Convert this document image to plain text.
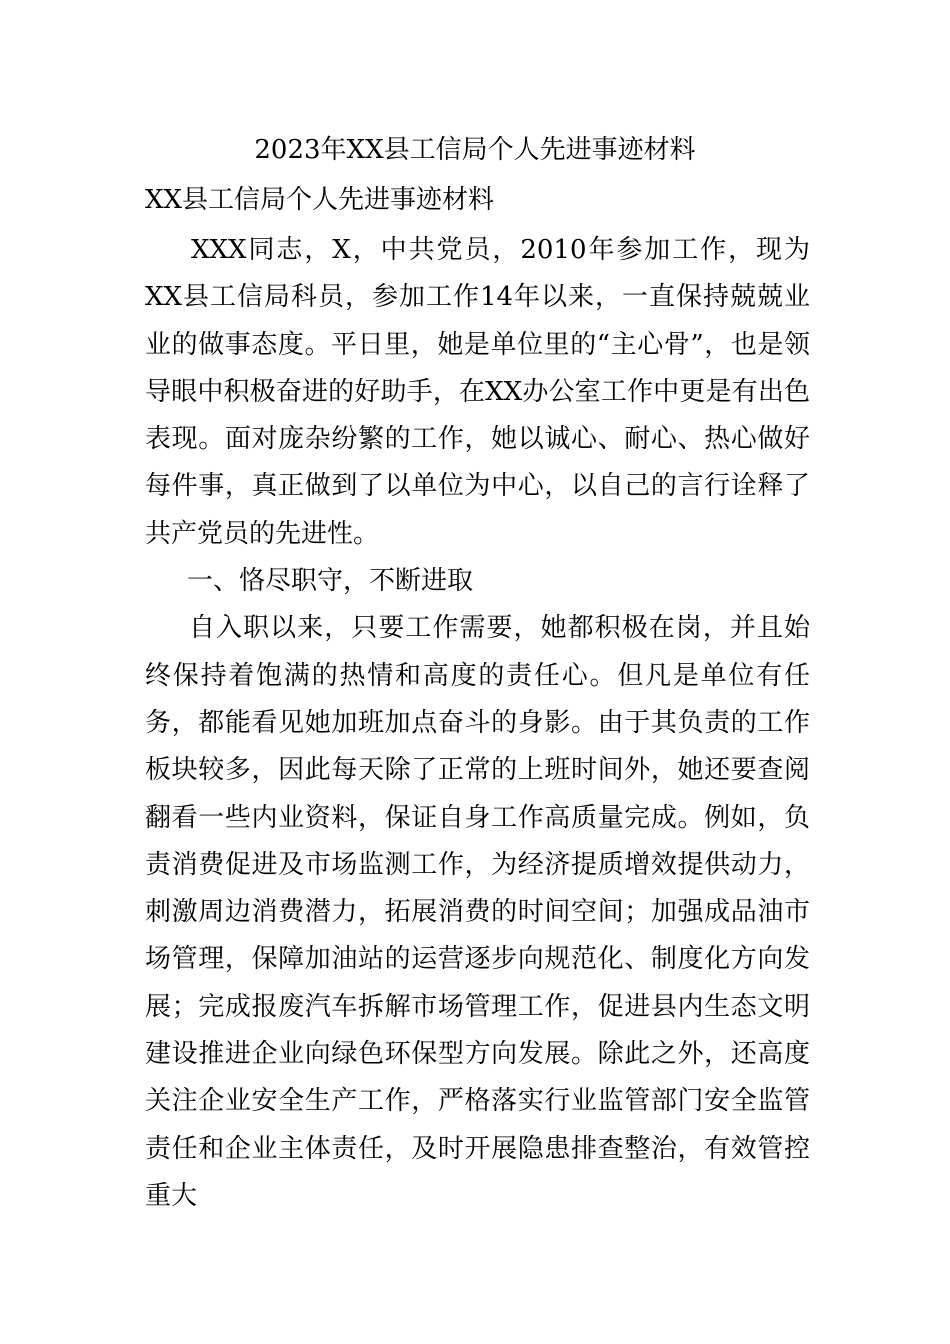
2023年XX县工信局个人先进事迹材料
XX县工信局个人先进事迹材料

XXX同志，X，中共党员，2010年参加工作，现为XX县工信局科员，参加工作14年以来，一直保持兢兢业业的做事态度。平日里，她是单位里的“主心骨”，也是领导眼中积极奋进的好助手，在XX办公室工作中更是有出色表现。面对庞杂纷繁的工作，她以诚心、耐心、热心做好每件事，真正做到了以单位为中心，以自己的言行诠释了共产党员的先进性。

一、恪尽职守，不断进取

自入职以来，只要工作需要，她都积极在岗，并且始终保持着饱满的热情和高度的责任心。但凡是单位有任务，都能看见她加班加点奋斗的身影。由于其负责的工作板块较多，因此每天除了正常的上班时间外，她还要查阅翻看一些内业资料，保证自身工作高质量完成。例如，负责消费促进及市场监测工作，为经济提质增效提供动力，刺激周边消费潜力，拓展消费的时间空间；加强成品油市场管理，保障加油站的运营逐步向规范化、制度化方向发展；完成报废汽车拆解市场管理工作，促进县内生态文明建设推进企业向绿色环保型方向发展。除此之外，还高度关注企业安全生产工作，严格落实行业监管部门安全监管责任和企业主体责任，及时开展隐患排查整治，有效管控重大
